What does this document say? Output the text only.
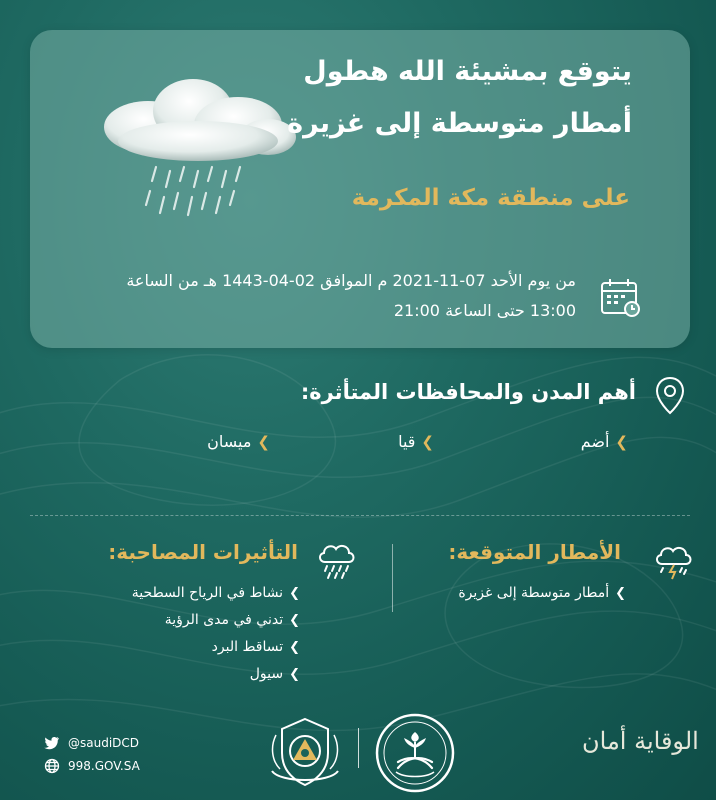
يتوقع بمشيئة الله هطول
أمطار متوسطة إلى غزيرة
على منطقة مكة المكرمة
من يوم الأحد 07-11-2021 م الموافق 02-04-1443 هـ من الساعة 13:00 حتى الساعة 21:00
أهم المدن والمحافظات المتأثرة:
❯
أضم
❯
قيا
❯
ميسان
الأمطار المتوقعة:
❯
أمطار متوسطة إلى غزيرة
التأثيرات المصاحبة:
❯
نشاط في الرياح السطحية
❯
تدني في مدى الرؤية
❯
تساقط البرد
❯
سيول
@saudiDCD
998.GOV.SA
الوقاية أمان
